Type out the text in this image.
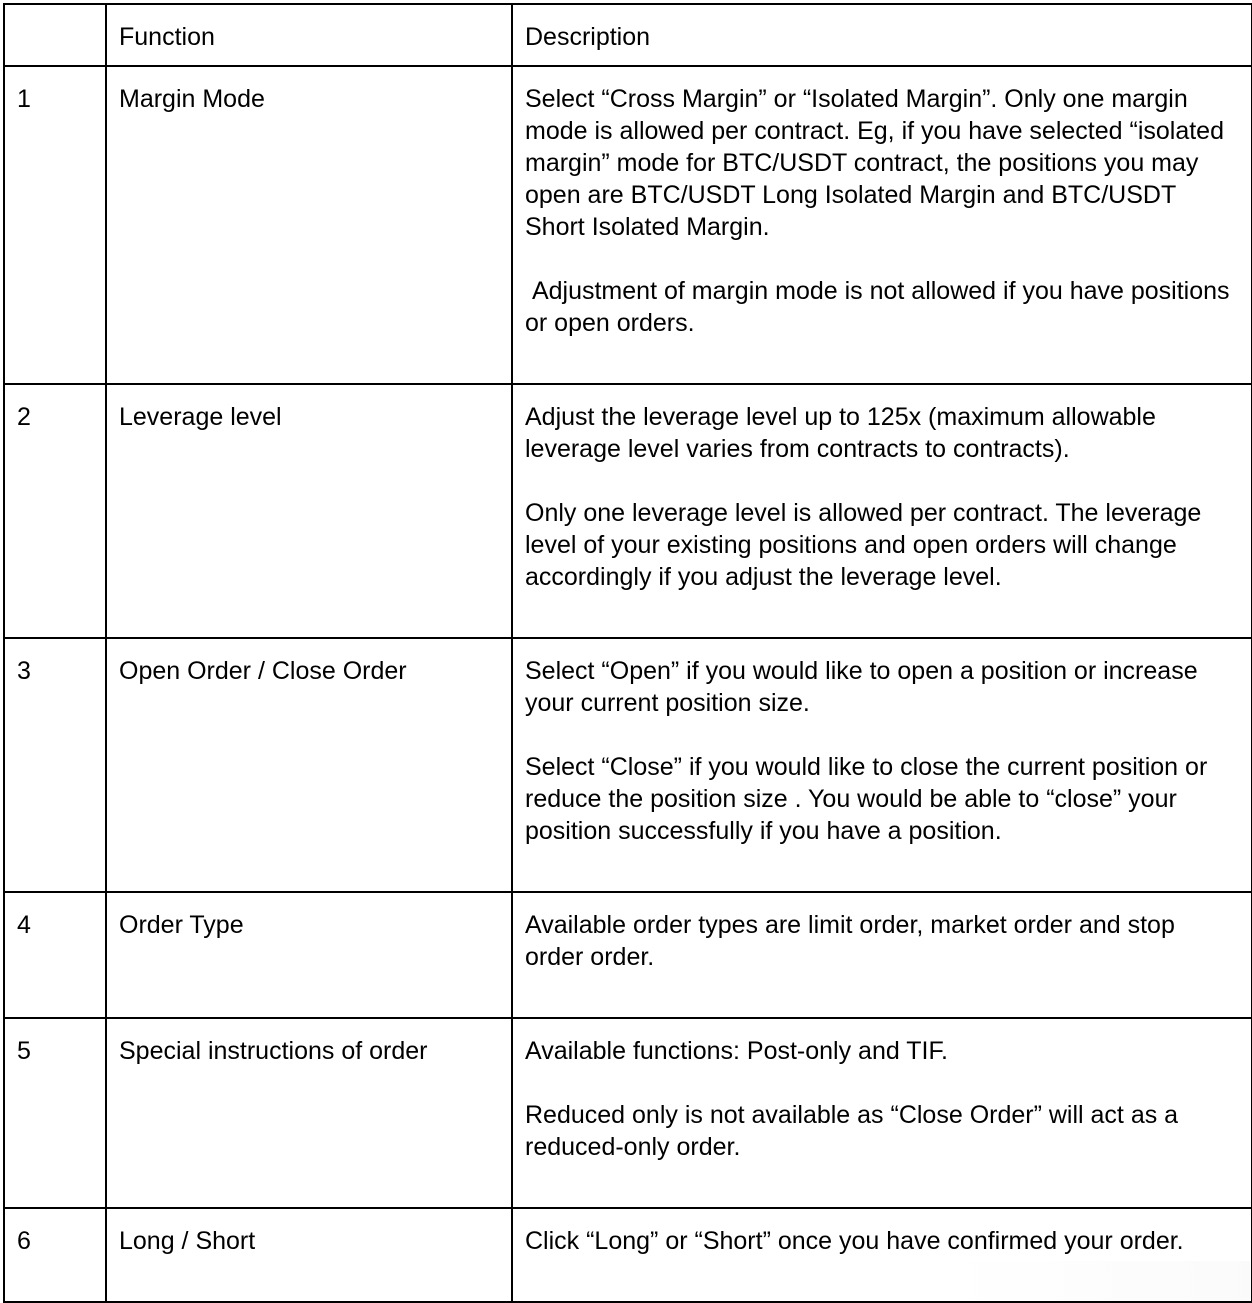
	Function	Description
1	Margin Mode	Select “Cross Margin” or “Isolated Margin”. Only one margin mode is allowed per contract. Eg, if you have selected “isolated margin” mode for BTC/USDT contract, the positions you may open are BTC/USDT Long Isolated Margin and BTC/USDT Short Isolated Margin.

Adjustment of margin mode is not allowed if you have positions or open orders.

2	Leverage level	Adjust the leverage level up to 125x (maximum allowable leverage level varies from contracts to contracts).

Only one leverage level is allowed per contract. The leverage level of your existing positions and open orders will change accordingly if you adjust the leverage level.

3	Open Order / Close Order	Select “Open” if you would like to open a position or increase your current position size.

Select “Close” if you would like to close the current position or reduce the position size . You would be able to “close” your position successfully if you have a position.

4	Order Type	Available order types are limit order, market order and stop order order.

5	Special instructions of order	Available functions: Post-only and TIF.

Reduced only is not available as “Close Order” will act as a reduced-only order.

6	Long / Short	Click “Long” or “Short” once you have confirmed your order.
